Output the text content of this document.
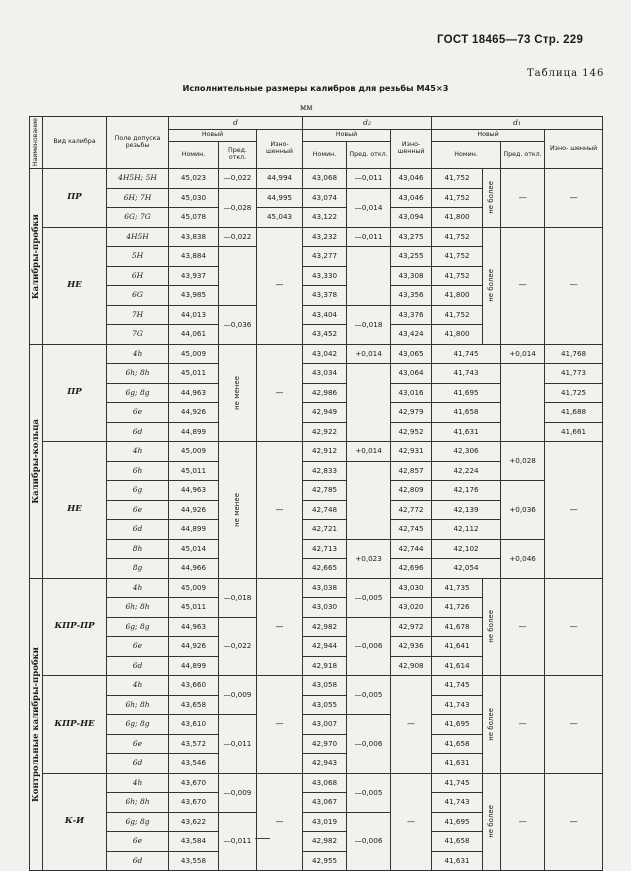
ГОСТ 18465—73 Стр. 229
Таблица 146
Исполнительные размеры калибров для резьбы М45×3
мм
Наименование	Вид калибра	Поле допуска резьбы	d			d₂			d₁			
			Новый		Изно- шенный	Новый		Изно- шенный	Новый			Изно- шенный
			Номин.	Пред. откл.		Номин.	Пред. откл.		Номин.		Пред. откл.	

Калибры-пробки	ПР	4H5H; 5H	45,023	—0,022	44,994	43,068	—0,011	43,046	41,752	не более	—	—
		6H; 7H	45,030	—0,028	44,995	43,074	—0,014	43,046	41,752			
		6G; 7G	45,078		45,043	43,122		43,094	41,800			
	НЕ	4H5H	43,838	—0,022	—	43,232	—0,011	43,275	41,752	не более	—	—
		5H	43,884			43,277		43,255	41,752			
		6H	43,937			43,330		43,308	41,752			
		6G	43,985			43,378		43,356	41,800			
		7H	44,013	—0,036		43,404	—0,018	43,376	41,752			
		7G	44,061			43,452		43,424	41,800			

Калибры-кольца	ПР	4h	45,009	не менее	—	43,042	+0,014	43,065	41,745		+0,014	41,768
		6h; 8h	45,011			43,034		43,064	41,743			41,773
		6g; 8g	44,963			42,986		43,016	41,695			41,725
		6e	44,926			42,949		42,979	41,658			41,688
		6d	44,899			42,922		42,952	41,631			41,661
	НЕ	4h	45,009	не менее	—	42,912	+0,014	42,931	42,306		+0,028	—
		6h	45,011			42,833		42,857	42,224			
		6g	44,963			42,785		42,809	42,176		+0,036	
		6e	44,926			42,748		42,772	42,139			
		6d	44,899			42,721		42,745	42,112			
		8h	45,014			42,713	+0,023	42,744	42,102		+0,046	
		8g	44,966			42,665		42,696	42,054			

Контрольные калибры-пробки	КПР-ПР	4h	45,009	—0,018	—	43,038	—0,005	43,030	41,735	не более	—	—
		6h; 8h	45,011			43,030		43,020	41,726			
		6g; 8g	44,963	—0,022		42,982	—0,006	42,972	41,678			
		6e	44,926			42,944		42,936	41,641			
		6d	44,899			42,918		42,908	41,614			
	КПР-НЕ	4h	43,660	—0,009	—	43,058	—0,005	—	41,745	не более	—	—
		6h; 8h	43,658			43,055			41,743			
		6g; 8g	43,610	—0,011		43,007	—0,006		41,695			
		6e	43,572			42,970			41,658			
		6d	43,546			42,943			41,631			
	К-И	4h	43,670	—0,009	—	43,068	—0,005	—	41,745	не более	—	—
		6h; 8h	43,670			43,067			41,743			
		6g; 8g	43,622	—0,011		43,019	—0,006		41,695			
		6e	43,584			42,982			41,658			
		6d	43,558			42,955			41,631			
